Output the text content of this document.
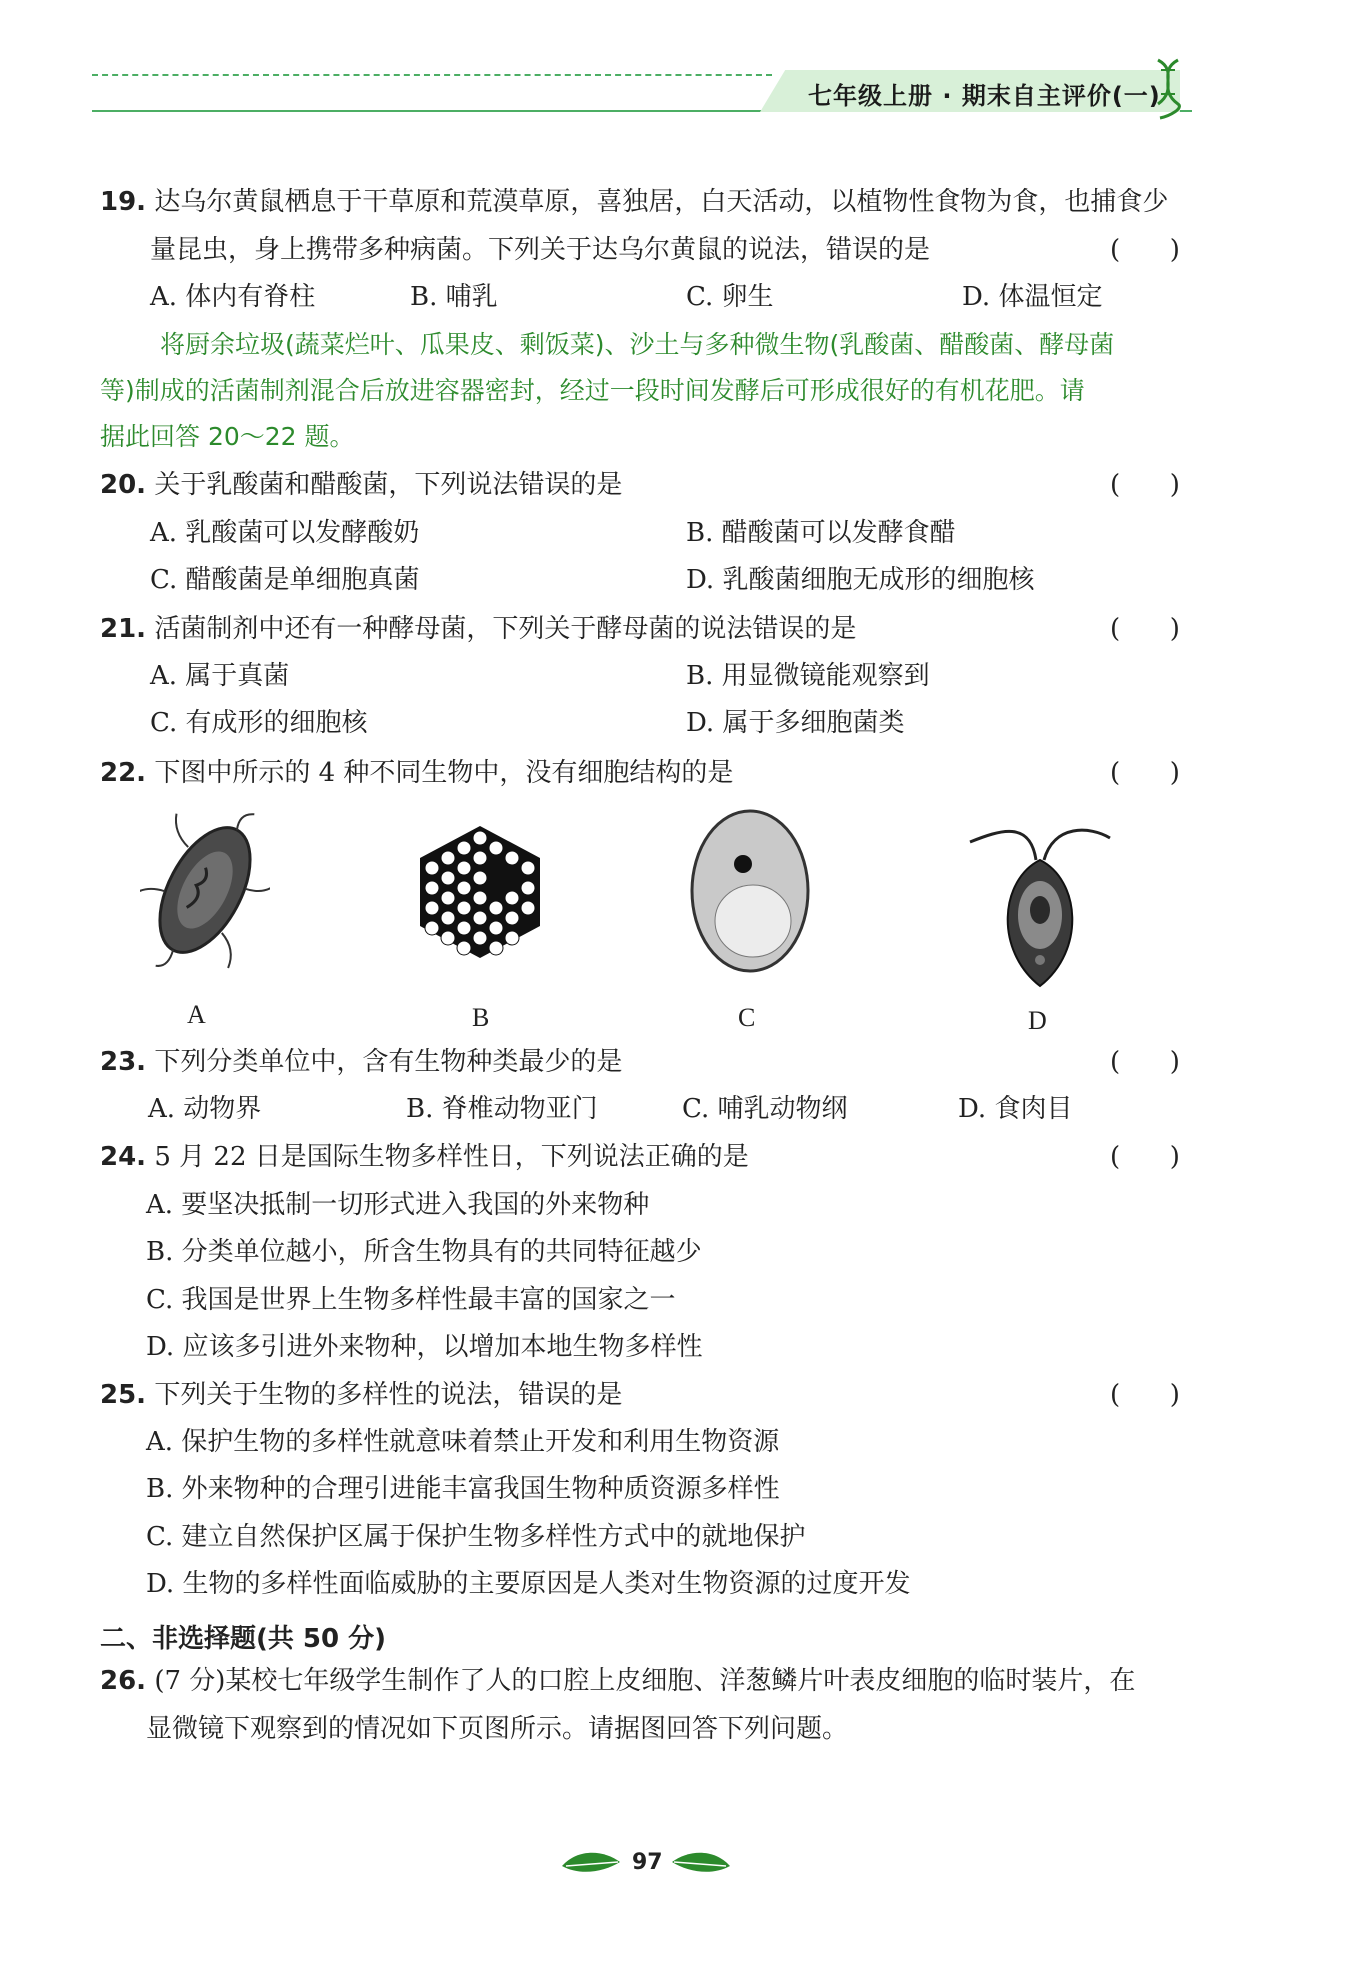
七年级上册 · 期末自主评价(一)
19. 达乌尔黄鼠栖息于干草原和荒漠草原，喜独居，白天活动，以植物性食物为食，也捕食少
量昆虫，身上携带多种病菌。下列关于达乌尔黄鼠的说法，错误的是	(      )
A. 体内有脊柱	B. 哺乳	C. 卵生	D. 体温恒定
将厨余垃圾(蔬菜烂叶、瓜果皮、剩饭菜)、沙土与多种微生物(乳酸菌、醋酸菌、酵母菌
等)制成的活菌制剂混合后放进容器密封，经过一段时间发酵后可形成很好的有机花肥。请
据此回答 20～22 题。
20. 关于乳酸菌和醋酸菌，下列说法错误的是	(      )
A. 乳酸菌可以发酵酸奶	B. 醋酸菌可以发酵食醋
C. 醋酸菌是单细胞真菌	D. 乳酸菌细胞无成形的细胞核
21. 活菌制剂中还有一种酵母菌，下列关于酵母菌的说法错误的是	(      )
A. 属于真菌	B. 用显微镜能观察到
C. 有成形的细胞核	D. 属于多细胞菌类
22. 下图中所示的 4 种不同生物中，没有细胞结构的是	(      )
A	B	C	D
23. 下列分类单位中，含有生物种类最少的是	(      )
A. 动物界	B. 脊椎动物亚门	C. 哺乳动物纲	D. 食肉目
24. 5 月 22 日是国际生物多样性日，下列说法正确的是	(      )
A. 要坚决抵制一切形式进入我国的外来物种
B. 分类单位越小，所含生物具有的共同特征越少
C. 我国是世界上生物多样性最丰富的国家之一
D. 应该多引进外来物种，以增加本地生物多样性
25. 下列关于生物的多样性的说法，错误的是	(      )
A. 保护生物的多样性就意味着禁止开发和利用生物资源
B. 外来物种的合理引进能丰富我国生物种质资源多样性
C. 建立自然保护区属于保护生物多样性方式中的就地保护
D. 生物的多样性面临威胁的主要原因是人类对生物资源的过度开发
二、非选择题(共 50 分)
26. (7 分)某校七年级学生制作了人的口腔上皮细胞、洋葱鳞片叶表皮细胞的临时装片，在
显微镜下观察到的情况如下页图所示。请据图回答下列问题。
97
